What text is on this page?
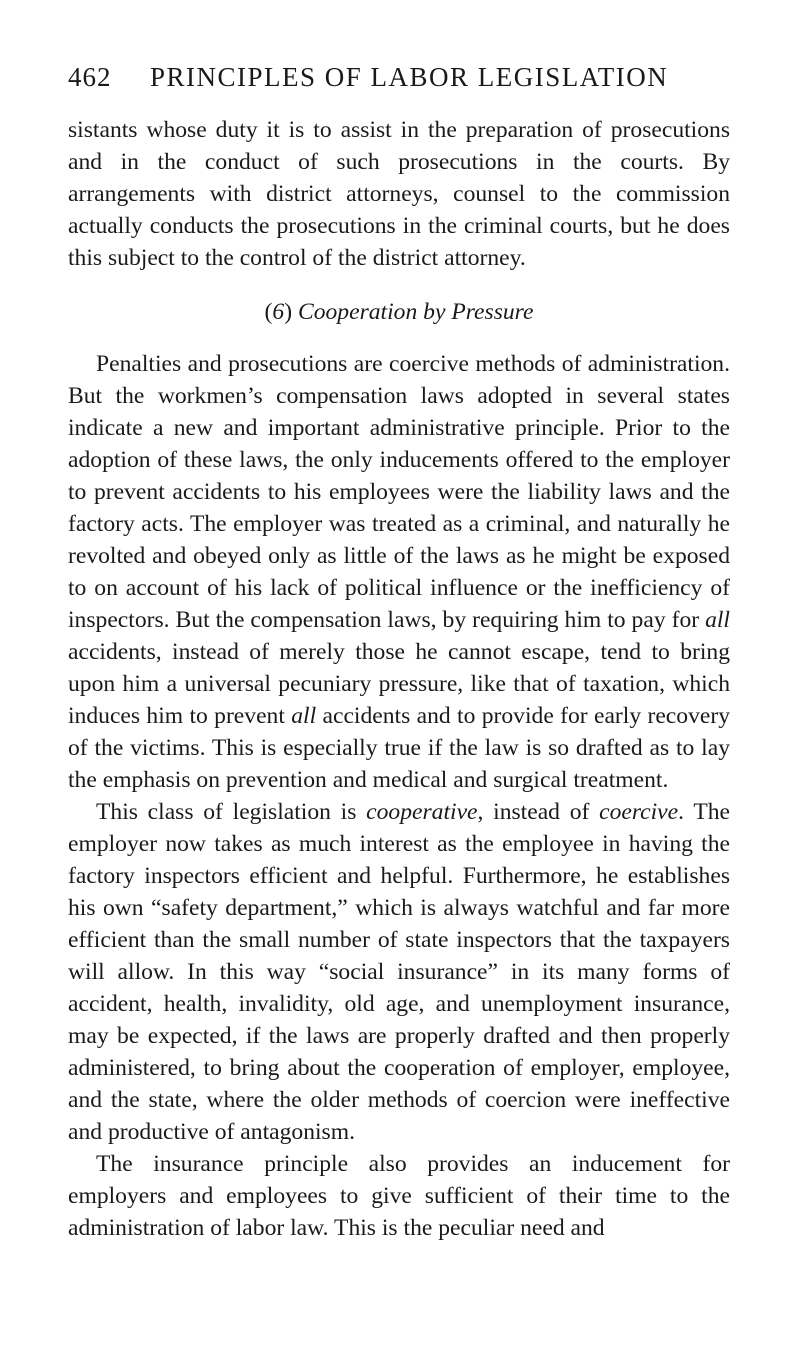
462	PRINCIPLES OF LABOR LEGISLATION

sistants whose duty it is to assist in the preparation of prosecutions and in the conduct of such prosecutions in the courts. By arrangements with district attorneys, counsel to the commission actually conducts the prosecutions in the criminal courts, but he does this subject to the control of the district attorney.

(6) Cooperation by Pressure

Penalties and prosecutions are coercive methods of administration. But the workmen’s compensation laws adopted in several states indicate a new and important administrative principle. Prior to the adoption of these laws, the only inducements offered to the employer to prevent accidents to his employees were the liability laws and the factory acts. The employer was treated as a criminal, and naturally he revolted and obeyed only as little of the laws as he might be exposed to on account of his lack of political influence or the inefficiency of inspectors. But the compensation laws, by requiring him to pay for all accidents, instead of merely those he cannot escape, tend to bring upon him a universal pecuniary pressure, like that of taxation, which induces him to prevent all accidents and to provide for early recovery of the victims. This is especially true if the law is so drafted as to lay the emphasis on prevention and medical and surgical treatment.

This class of legislation is cooperative, instead of coercive. The employer now takes as much interest as the employee in having the factory inspectors efficient and helpful. Furthermore, he establishes his own “safety department,” which is always watchful and far more efficient than the small number of state inspectors that the taxpayers will allow. In this way “social insurance” in its many forms of accident, health, invalidity, old age, and unemployment insurance, may be expected, if the laws are properly drafted and then properly administered, to bring about the cooperation of employer, employee, and the state, where the older methods of coercion were ineffective and productive of antagonism.

The insurance principle also provides an inducement for employers and employees to give sufficient of their time to the administration of labor law. This is the peculiar need and
